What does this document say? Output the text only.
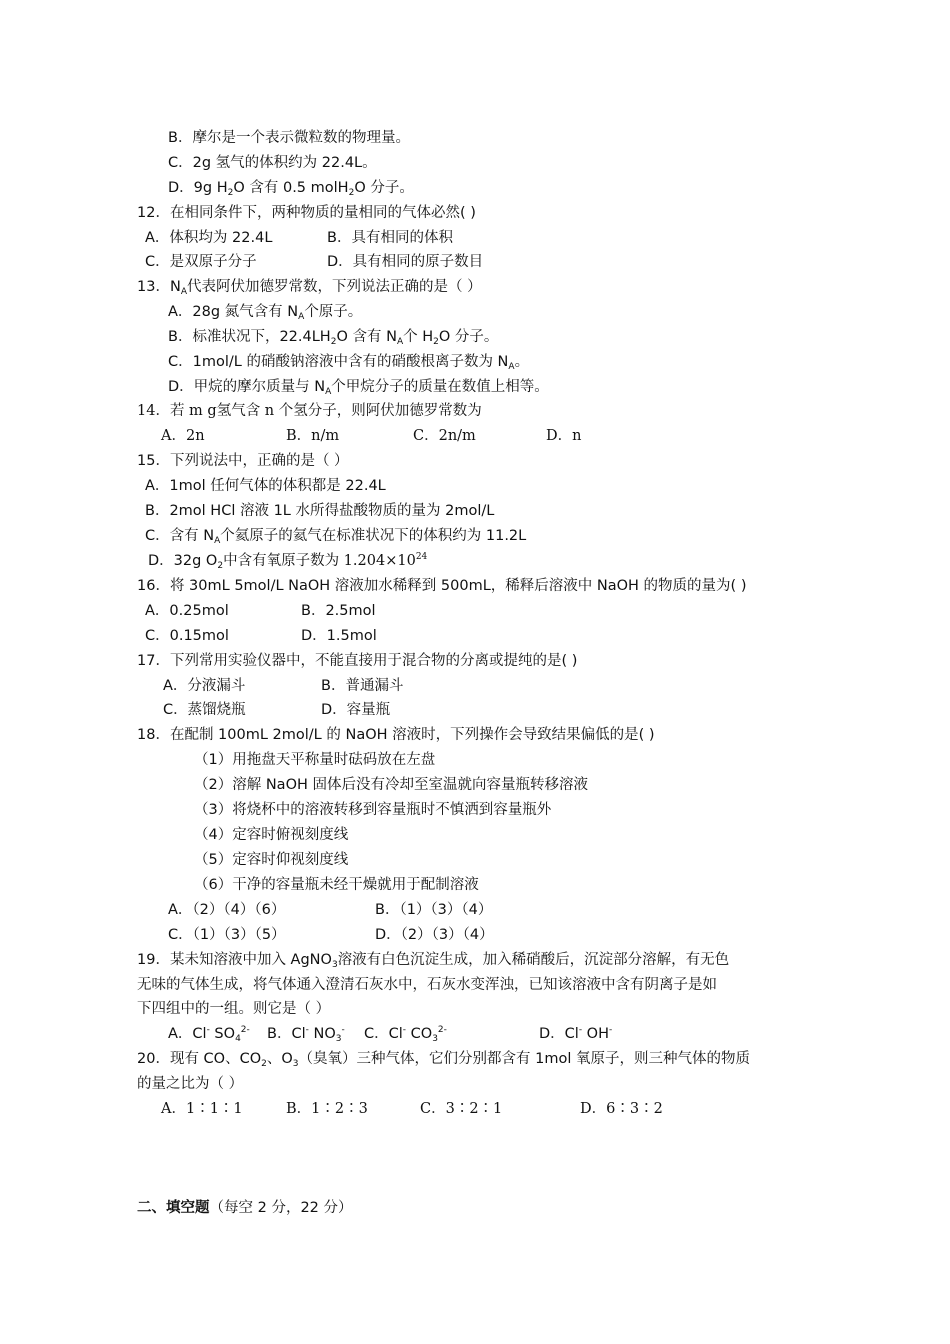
B．摩尔是一个表示微粒数的物理量。
C．2g 氢气的体积约为 22.4L。
D．9g $H_2O$ 含有 0.5 molH$_2$O 分子。
12．在相同条件下，两种物质的量相同的气体必然( )
A．体积均为 22.4L	B．具有相同的体积
C．是双原子分子	D．具有相同的原子数目
13．$N_A$代表阿伏加德罗常数，下列说法正确的是（ ）
A．28g 氮气含有 $N_A$个原子。
B．标准状况下，$22.4LH_2O$ 含有 $N_A$个 $H_2O$ 分子。
C．1mol/L 的硝酸钠溶液中含有的硝酸根离子数为 $N_A$。
D．甲烷的摩尔质量与 $N_A$个甲烷分子的质量在数值上相等。
14．若 m g氢气含 n 个氢分子，则阿伏加德罗常数为
A．2n	B．n/m	C．2n/m	D．n
15．下列说法中，正确的是（ ）
A．1mol 任何气体的体积都是 22.4L
B．2mol HCl 溶液 1L 水所得盐酸物质的量为 2mol/L
C．含有 $N_A$个氦原子的氦气在标准状况下的体积约为 11.2L
D．32g $O_2$中含有氧原子数为 $1.204\times 10^{24}$
16．将 30mL 5mol/L NaOH 溶液加水稀释到 500mL，稀释后溶液中 NaOH 的物质的量为( )
A．0.25mol	B．2.5mol
C．0.15mol	D．1.5mol
17．下列常用实验仪器中，不能直接用于混合物的分离或提纯的是( )
A．分液漏斗	B．普通漏斗
C．蒸馏烧瓶	D．容量瓶
18．在配制 100mL 2mol/L 的 NaOH 溶液时，下列操作会导致结果偏低的是( )
（1）用拖盘天平称量时砝码放在左盘
（2）溶解 NaOH 固体后没有冷却至室温就向容量瓶转移溶液
（3）将烧杯中的溶液转移到容量瓶时不慎洒到容量瓶外
（4）定容时俯视刻度线
（5）定容时仰视刻度线
（6）干净的容量瓶未经干燥就用于配制溶液
A．（2）（4）（6）	B．（1）（3）（4）
C．（1）（3）（5）	D．（2）（3）（4）
19．某未知溶液中加入 AgNO$_3$溶液有白色沉淀生成，加入稀硝酸后，沉淀部分溶解，有无色
无味的气体生成，将气体通入澄清石灰水中，石灰水变浑浊，已知该溶液中含有阴离子是如
下四组中的一组。则它是（ ）
A．Cl- $SO_4^{2-}$ B．Cl- $NO_3^-$ C．Cl- $CO_3^{2-}$	D．Cl- OH-
20．现有 CO、$CO_2$、$O_3$（臭氧）三种气体，它们分别都含有 1mol 氧原子，则三种气体的物质
的量之比为（ ）
A．1∶1∶1	B．1∶2∶3	C．3∶2∶1	D．6∶3∶2
二、填空题（每空 2 分，22 分）
